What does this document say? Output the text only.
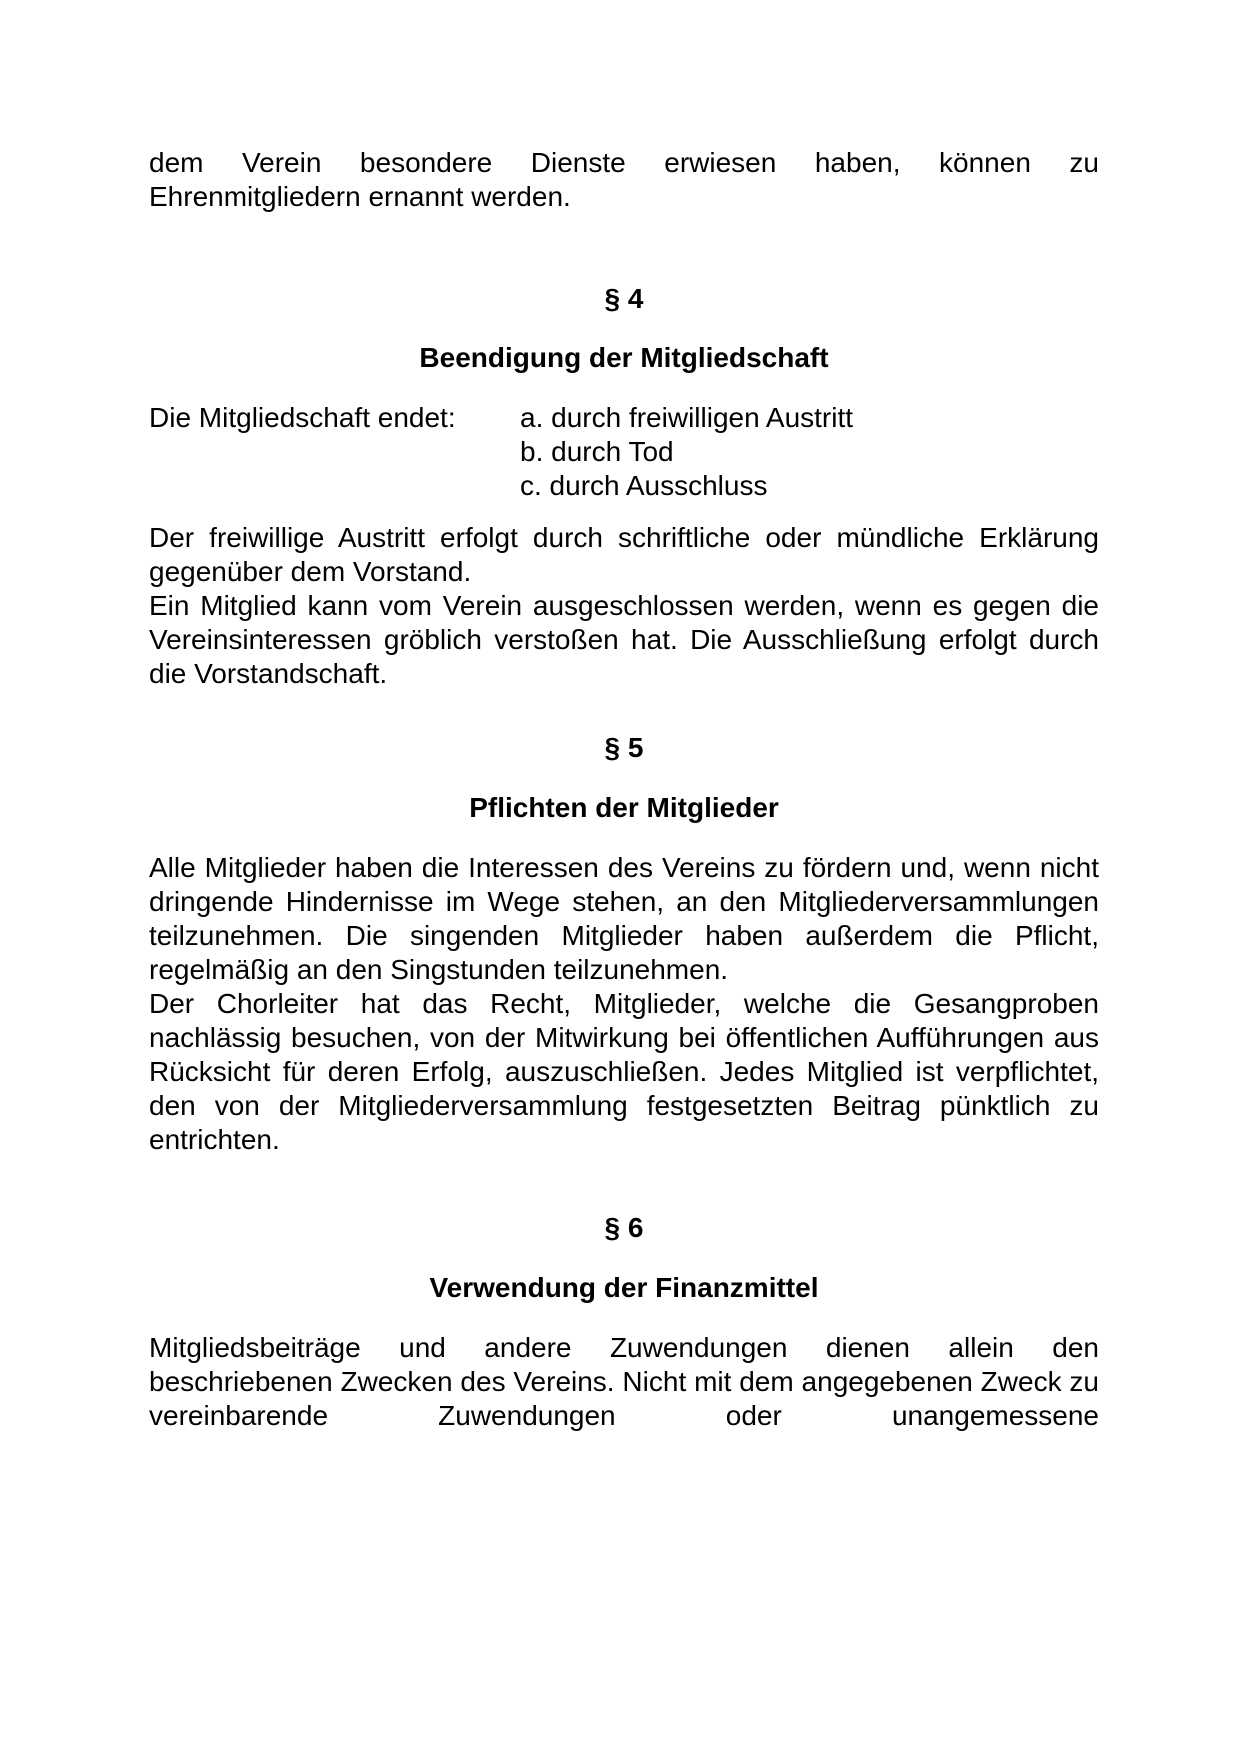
dem Verein besondere Dienste erwiesen haben, können zu
Ehrenmitgliedern ernannt werden.
§ 4
Beendigung der Mitgliedschaft
Die Mitgliedschaft endet: a. durch freiwilligen Austritt
b. durch Tod
c. durch Ausschluss

Der freiwillige Austritt erfolgt durch schriftliche oder mündliche Erklärung gegenüber dem Vorstand.

Ein Mitglied kann vom Verein ausgeschlossen werden, wenn es gegen die Vereinsinteressen gröblich verstoßen hat. Die Ausschließung erfolgt durch die Vorstandschaft.

§ 5
Pflichten der Mitglieder

Alle Mitglieder haben die Interessen des Vereins zu fördern und, wenn nicht dringende Hindernisse im Wege stehen, an den Mitgliederversammlungen teilzunehmen. Die singenden Mitglieder haben außerdem die Pflicht, regelmäßig an den Singstunden teilzunehmen.

Der Chorleiter hat das Recht, Mitglieder, welche die Gesangproben nachlässig besuchen, von der Mitwirkung bei öffentlichen Aufführungen aus Rücksicht für deren Erfolg, auszuschließen. Jedes Mitglied ist verpflichtet, den von der Mitgliederversammlung festgesetzten Beitrag pünktlich zu entrichten.

§ 6
Verwendung der Finanzmittel

Mitgliedsbeiträge und andere Zuwendungen dienen allein den beschriebenen Zwecken des Vereins. Nicht mit dem angegebenen Zweck zu vereinbarende Zuwendungen oder unangemessene
